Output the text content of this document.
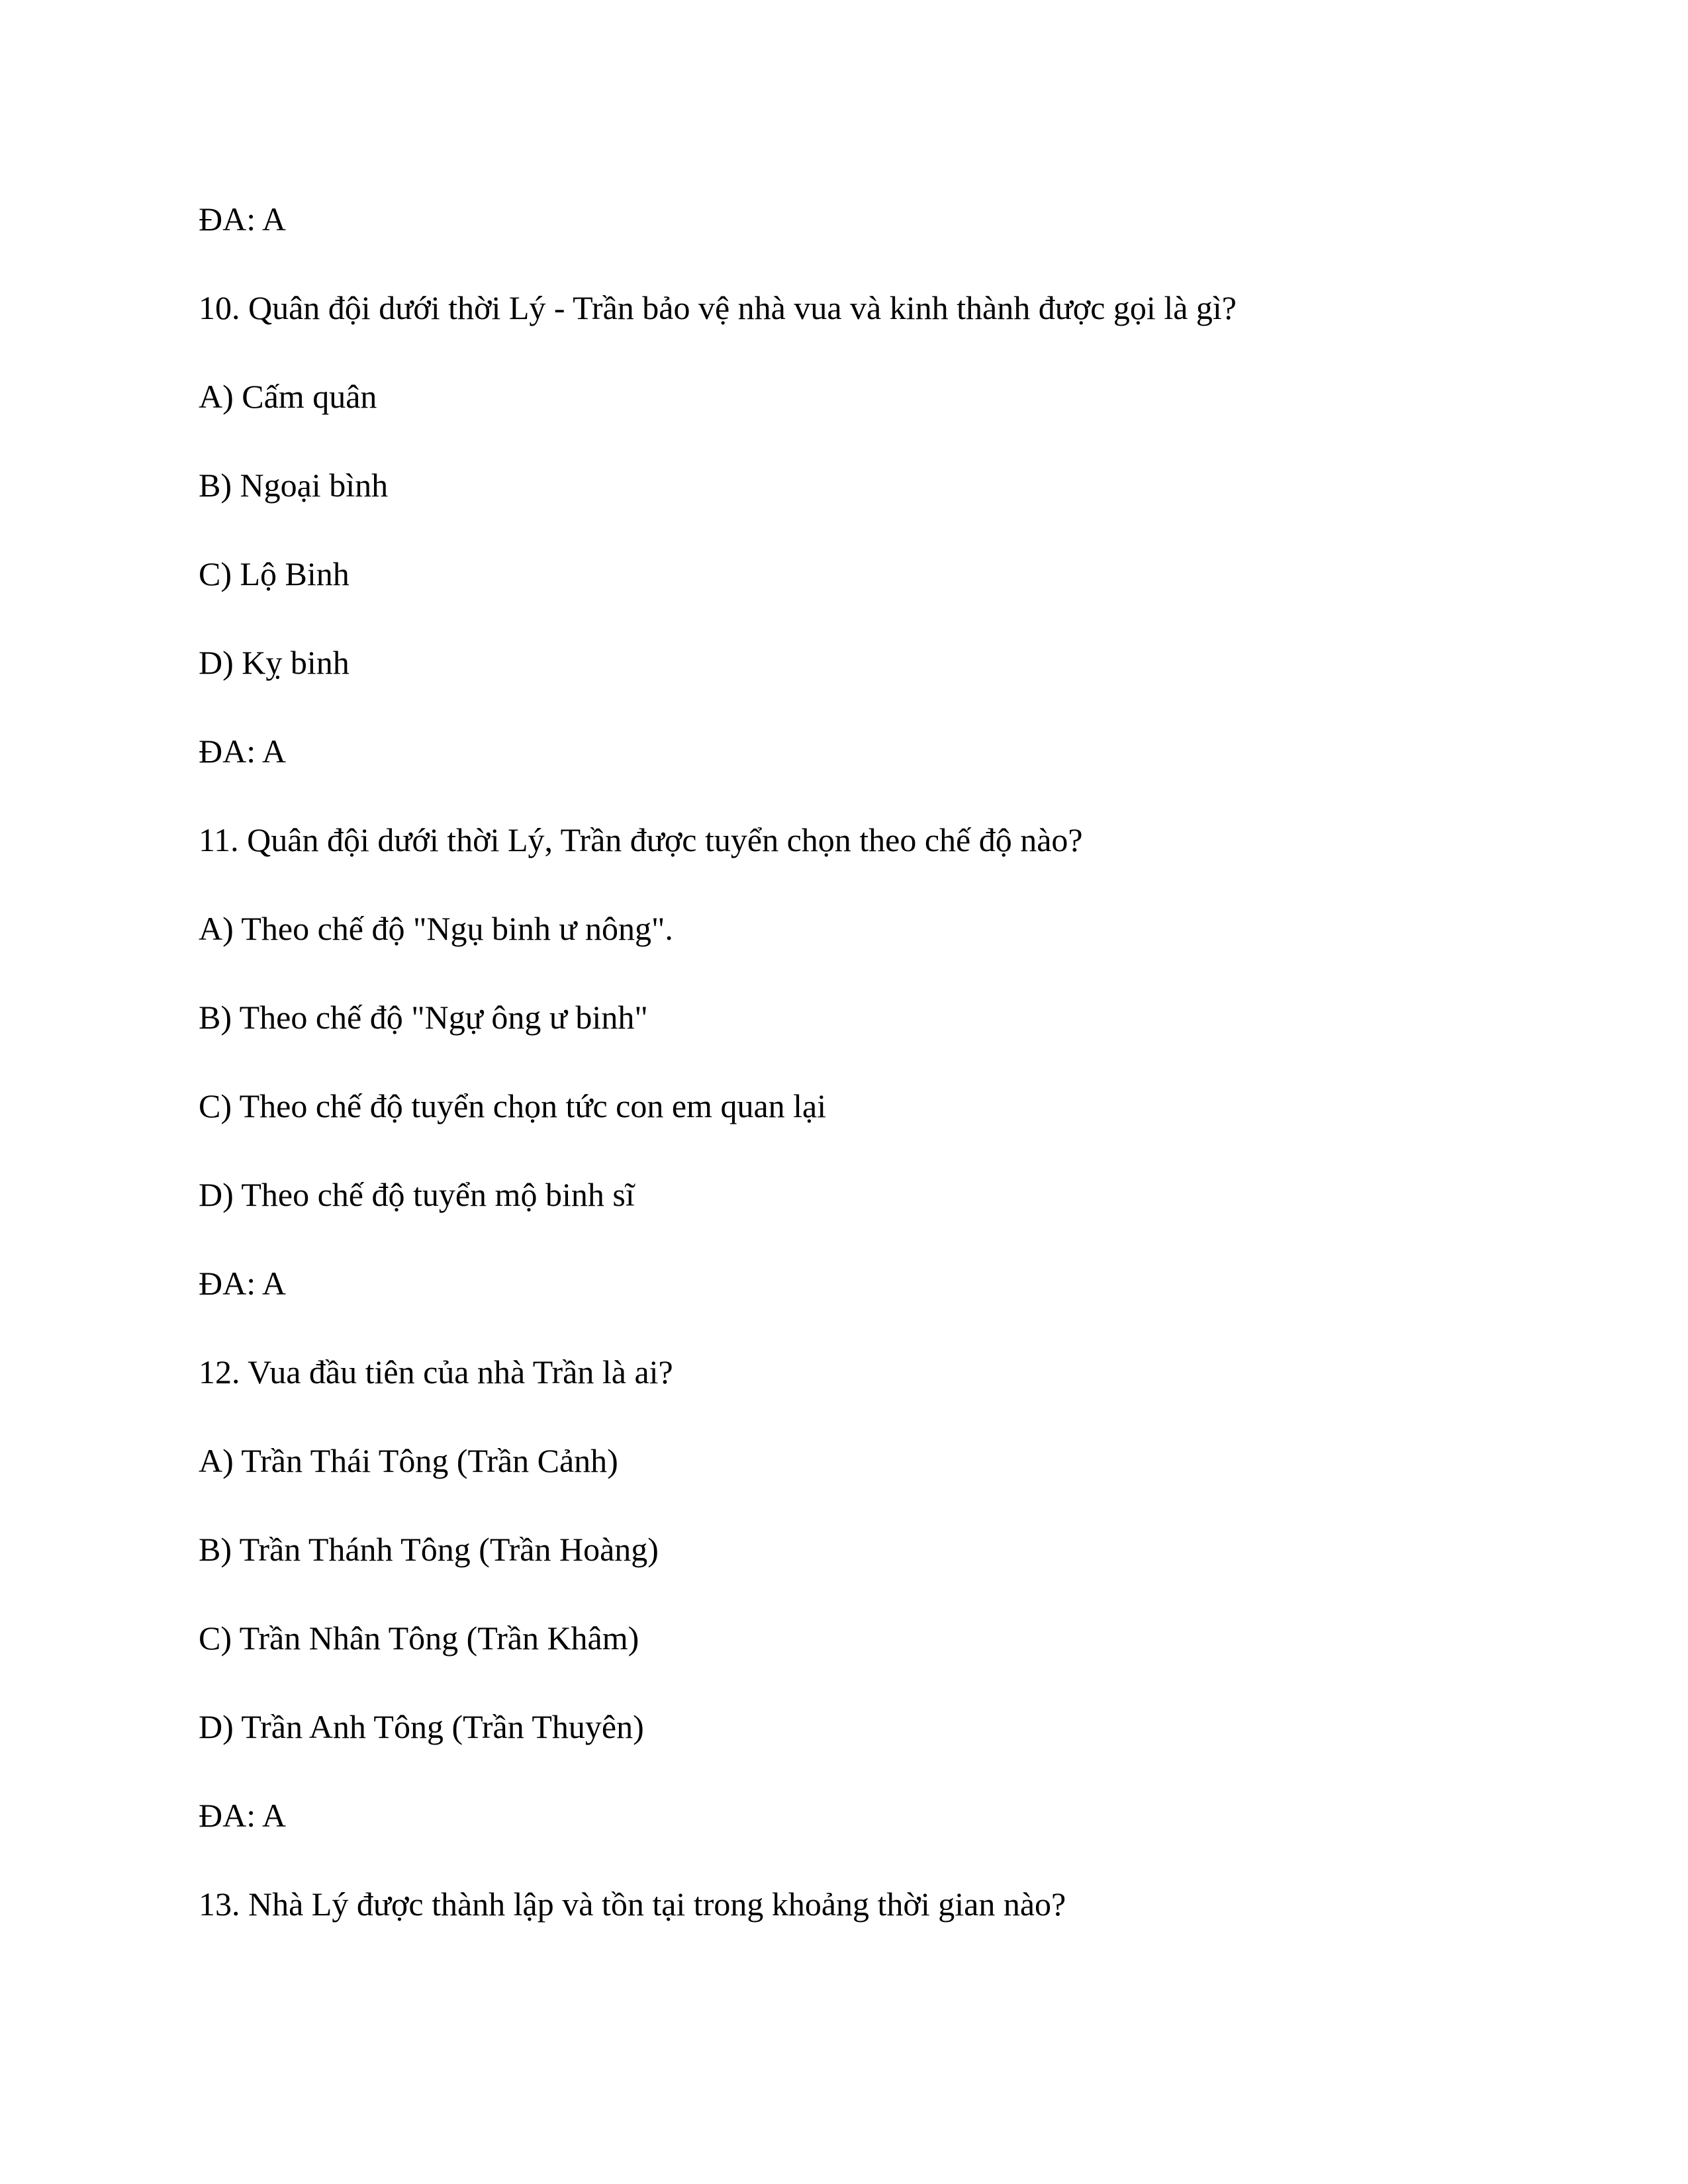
ĐA: A

10. Quân đội dưới thời Lý - Trần bảo vệ nhà vua và kinh thành được gọi là gì?

A) Cấm quân

B) Ngoại bình

C) Lộ Binh

D) Kỵ binh

ĐA: A

11. Quân đội dưới thời Lý, Trần được tuyển chọn theo chế độ nào?

A) Theo chế độ "Ngụ binh ư nông".

B) Theo chế độ "Ngự ông ư binh"

C) Theo chế độ tuyển chọn tức con em quan lại

D) Theo chế độ tuyển mộ binh sĩ

ĐA: A

12. Vua đầu tiên của nhà Trần là ai?

A) Trần Thái Tông (Trần Cảnh)

B) Trần Thánh Tông (Trần Hoàng)

C) Trần Nhân Tông (Trần Khâm)

D) Trần Anh Tông (Trần Thuyên)

ĐA: A

13. Nhà Lý được thành lập và tồn tại trong khoảng thời gian nào?
